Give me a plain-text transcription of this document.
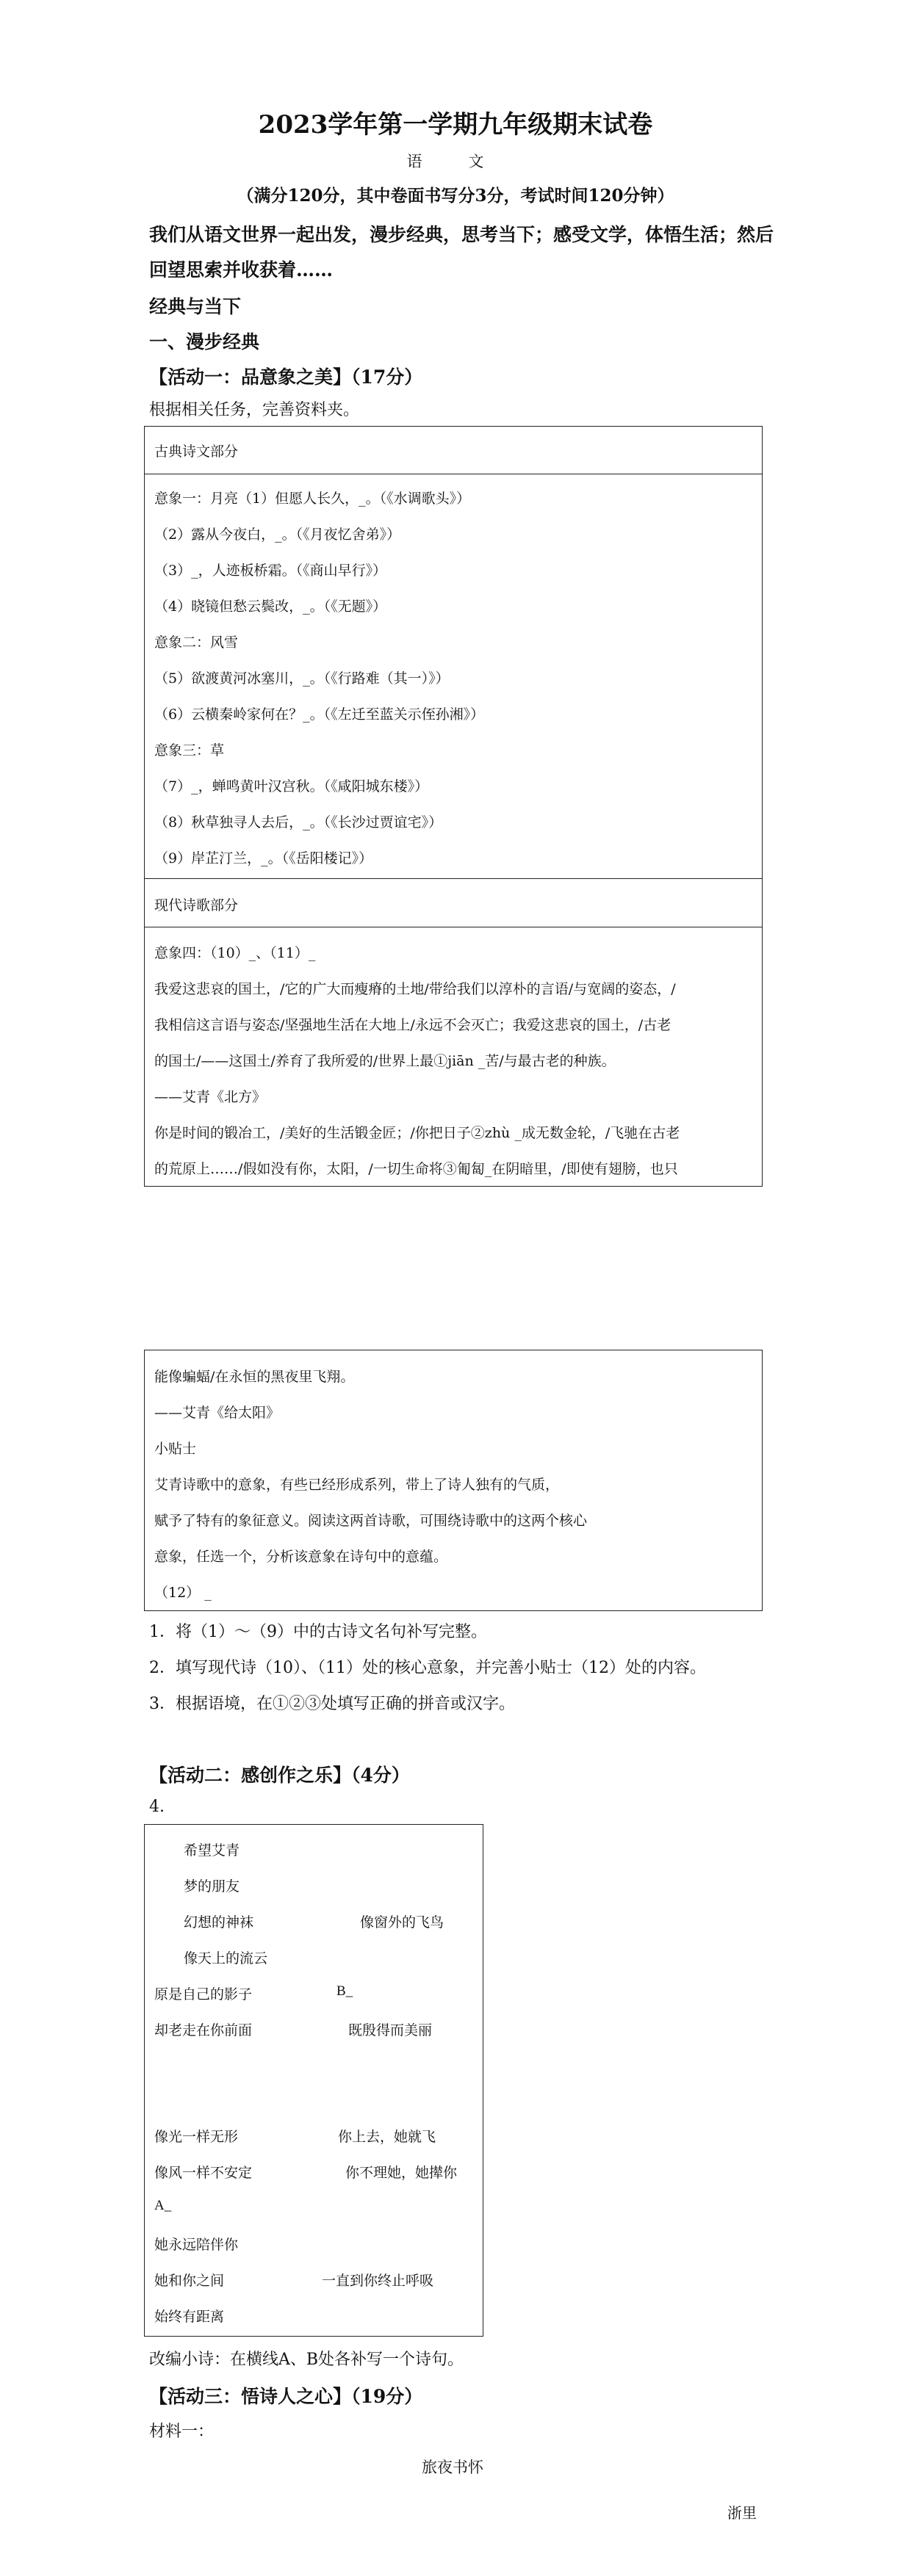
2023学年第一学期九年级期末试卷
语 文
（满分120分，其中卷面书写分3分，考试时间120分钟）
我们从语文世界一起出发，漫步经典，思考当下；感受文学，体悟生活；然后回望思索并收获着……
经典与当下
一、漫步经典
【活动一：品意象之美】（17分）
根据相关任务，完善资料夹。
古典诗文部分
意象一：月亮（1）但愿人长久，_。（《水调歌头》）
（2）露从今夜白，_。（《月夜忆舍弟》）
（3）_，人迹板桥霜。（《商山早行》）
（4）晓镜但愁云鬓改，_。（《无题》）
意象二：风雪
（5）欲渡黄河冰塞川，_。（《行路难（其一）》）
（6）云横秦岭家何在？_。（《左迁至蓝关示侄孙湘》）
意象三：草
（7）_，蝉鸣黄叶汉宫秋。（《咸阳城东楼》）
（8）秋草独寻人去后，_。（《长沙过贾谊宅》）
（9）岸芷汀兰，_。（《岳阳楼记》）
现代诗歌部分
意象四：（10）_、（11）_
我爱这悲哀的国土，/它的广大而瘦瘠的土地/带给我们以淳朴的言语/与宽阔的姿态，/
我相信这言语与姿态/坚强地生活在大地上/永远不会灭亡；我爱这悲哀的国土，/古老
的国土/——这国土/养育了我所爱的/世界上最①jiān _苦/与最古老的种族。
——艾青《北方》
你是时间的锻冶工，/美好的生活锻金匠；/你把日子②zhù _成无数金轮，/飞驰在古老
的荒原上……/假如没有你，太阳，/一切生命将③匍匐_在阴暗里，/即使有翅膀，也只
能像蝙蝠/在永恒的黑夜里飞翔。
——艾青《给太阳》
小贴士
艾青诗歌中的意象，有些已经形成系列，带上了诗人独有的气质，
赋予了特有的象征意义。阅读这两首诗歌，可围绕诗歌中的这两个核心
意象，任选一个，分析该意象在诗句中的意蕴。
（12） _
1．将（1）～（9）中的古诗文名句补写完整。
2．填写现代诗（10）、（11）处的核心意象，并完善小贴士（12）处的内容。
3．根据语境，在①②③处填写正确的拼音或汉字。
【活动二：感创作之乐】（4分）
4.
希望艾青
梦的朋友
幻想的神袜	像窗外的飞鸟
像天上的流云
原是自己的影子	B_
却老走在你前面	既殷得而美丽
像光一样无形	你上去，她就飞
像风一样不安定	你不理她，她撵你
A_
她永远陪伴你
她和你之间	一直到你终止呼吸
始终有距离
改编小诗：在横线A、B处各补写一个诗句。
【活动三：悟诗人之心】（19分）
材料一：
旅夜书怀
浙里
